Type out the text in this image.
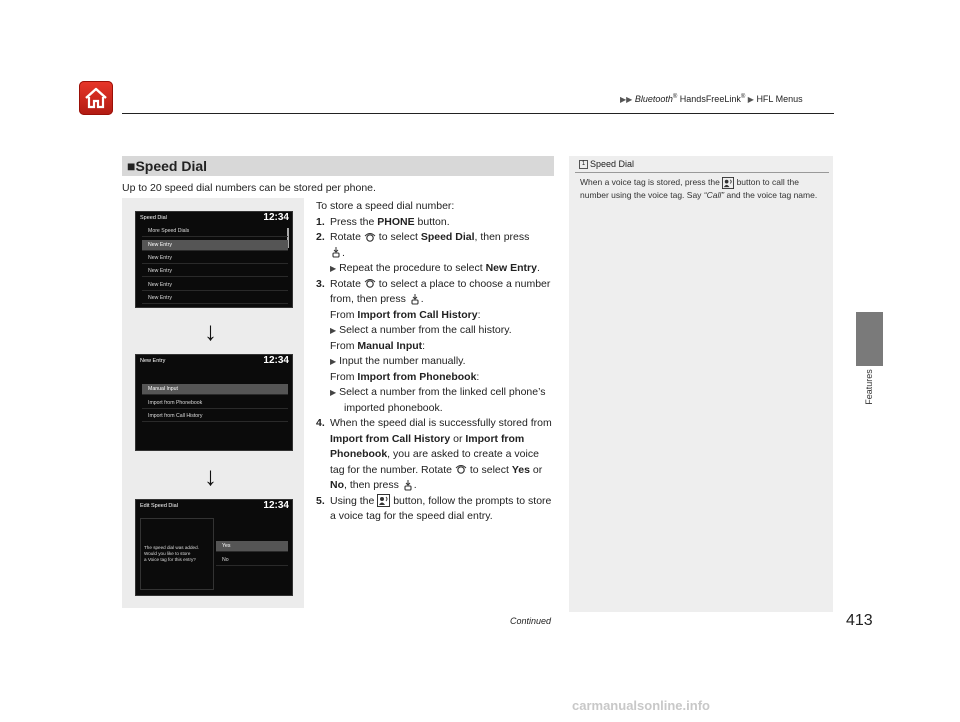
▶▶ Bluetooth® HandsFreeLink® ▶ HFL Menus
Features
■Speed Dial
Up to 20 speed dial numbers can be stored per phone.
Speed Dial	12:34
More Speed Dials
New Entry
New Entry
New Entry
New Entry
New Entry
↓
New Entry	12:34
Manual Input
Import from Phonebook
Import from Call History
↓
Edit Speed Dial	12:34
The speed dial was added.
Would you like to store
a Voice tag for this entry?
Yes
No

To store a speed dial number:

1. Press the PHONE button.

2. Rotate  to select Speed Dial, then press
.

▶ Repeat the procedure to select New Entry.

3. Rotate  to select a place to choose a number from, then press .
From Import from Call History:

▶ Select a number from the call history.

From Manual Input:

▶ Input the number manually.

From Import from Phonebook:

▶ Select a number from the linked cell phone’s imported phonebook.

4. When the speed dial is successfully stored from Import from Call History or Import from Phonebook, you are asked to create a voice tag for the number. Rotate  to select Yes or No, then press .

5. Using the  button, follow the prompts to store a voice tag for the speed dial entry.

1 Speed Dial
When a voice tag is stored, press the  button to call the number using the voice tag. Say “Call” and the voice tag name.
Continued	413
carmanualsonline.info
